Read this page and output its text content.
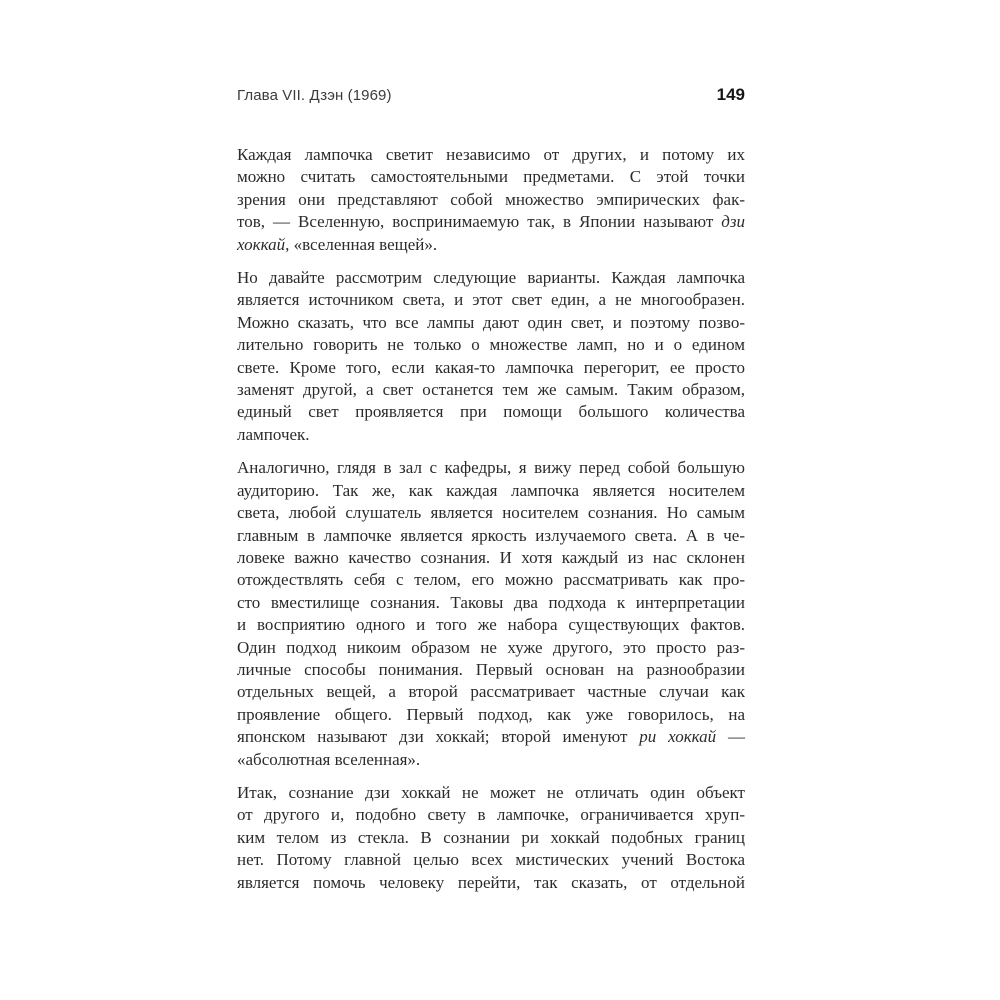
Глава VII. Дзэн (1969)	149
Каждая лампочка светит независимо от других, и потому их
можно считать самостоятельными предметами. С этой точки
зрения они представляют собой множество эмпирических фак-
тов, — Вселенную, воспринимаемую так, в Японии называют дзи
хоккай, «вселенная вещей».
Но давайте рассмотрим следующие варианты. Каждая лампочка
является источником света, и этот свет един, а не многообразен.
Можно сказать, что все лампы дают один свет, и поэтому позво-
лительно говорить не только о множестве ламп, но и о едином
свете. Кроме того, если какая-то лампочка перегорит, ее просто
заменят другой, а свет останется тем же самым. Таким образом,
единый свет проявляется при помощи большого количества
лампочек.
Аналогично, глядя в зал с кафедры, я вижу перед собой большую
аудиторию. Так же, как каждая лампочка является носителем
света, любой слушатель является носителем сознания. Но самым
главным в лампочке является яркость излучаемого света. А в че-
ловеке важно качество сознания. И хотя каждый из нас склонен
отождествлять себя с телом, его можно рассматривать как про-
сто вместилище сознания. Таковы два подхода к интерпретации
и восприятию одного и того же набора существующих фактов.
Один подход никоим образом не хуже другого, это просто раз-
личные способы понимания. Первый основан на разнообразии
отдельных вещей, а второй рассматривает частные случаи как
проявление общего. Первый подход, как уже говорилось, на
японском называют дзи хоккай; второй именуют ри хоккай —
«абсолютная вселенная».
Итак, сознание дзи хоккай не может не отличать один объект
от другого и, подобно свету в лампочке, ограничивается хруп-
ким телом из стекла. В сознании ри хоккай подобных границ
нет. Потому главной целью всех мистических учений Востока
является помочь человеку перейти, так сказать, от отдельной
